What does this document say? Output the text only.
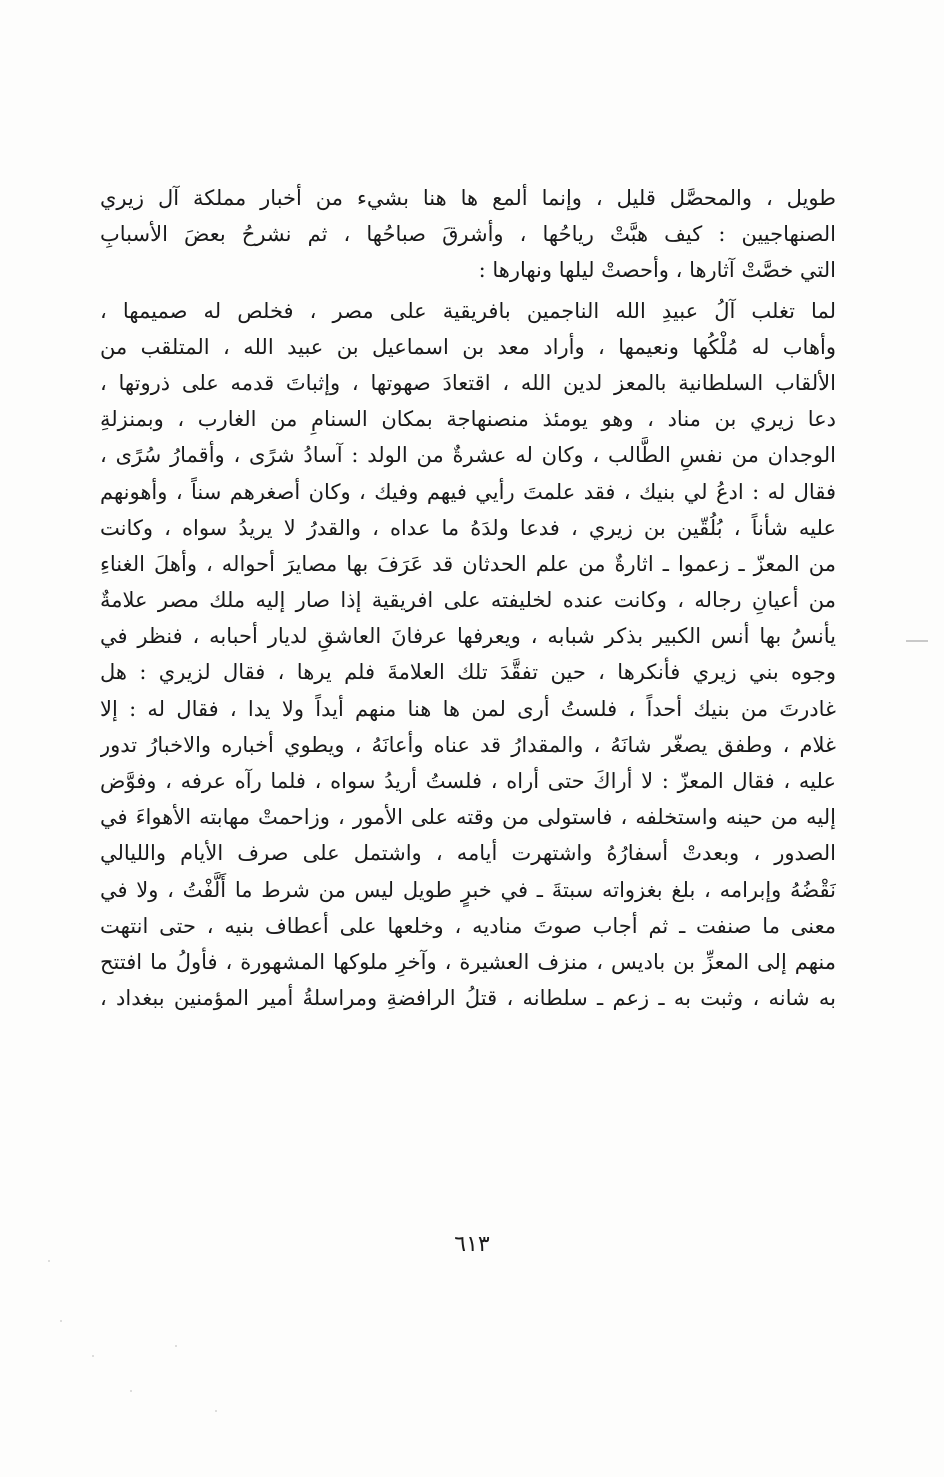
طويل ، والمحصَّل قليل ، وإنما ألمع ها هنا بشيء من أخبار مملكة آل زيري
الصنهاجيين : كيف هبَّتْ رياحُها ، وأشرقَ صباحُها ، ثم نشرحُ بعضَ الأسبابِ
التي خصَّتْ آثارها ، وأحصتْ ليلها ونهارها :
لما تغلب آلُ عبيدِ الله الناجمين بافريقية على مصر ، فخلص له صميمها ،
وأهاب له مُلْكُها ونعيمها ، وأراد معد بن اسماعيل بن عبيد الله ، المتلقب من
الألقاب السلطانية بالمعز لدين الله ، اقتعادَ صهوتها ، وإثباتَ قدمه على ذروتها ،
دعا زيري بن مناد ، وهو يومئذ منصنهاجة بمكان السنامِ من الغارب ، وبمنزلةِ
الوجدان من نفسِ الطَّالب ، وكان له عشرةٌ من الولد : آسادُ شرًى ، وأقمارُ سُرًى ،
فقال له : ادعُ لي بنيك ، فقد علمتَ رأيي فيهم وفيك ، وكان أصغرهم سناً ، وأهونهم
عليه شأناً ، بُلُقّين بن زيري ، فدعا ولدَهُ ما عداه ، والقدرُ لا يريدُ سواه ، وكانت
من المعزّ ـ زعموا ـ اثارةٌ من علم الحدثان قد عَرَفَ بها مصايرَ أحواله ، وأهلَ الغناءِ
من أعيانِ رجاله ، وكانت عنده لخليفته على افريقية إذا صار إليه ملك مصر علامةٌ
يأنسُ بها أنس الكبير بذكر شبابه ، ويعرفها عرفانَ العاشقِ لديار أحبابه ، فنظر في
وجوه بني زيري فأنكرها ، حين تفقَّدَ تلك العلامةَ فلم يرها ، فقال لزيري : هل
غادرتَ من بنيك أحداً ، فلستُ أرى لمن ها هنا منهم أيداً ولا يدا ، فقال له : إلا
غلام ، وطفق يصغّر شانَهُ ، والمقدارُ قد عناه وأعانَهُ ، ويطوي أخباره والاخبارُ تدور
عليه ، فقال المعزّ : لا أراكَ حتى أراه ، فلستُ أريدُ سواه ، فلما رآه عرفه ، وفوَّض
إليه من حينه واستخلفه ، فاستولى من وقته على الأمور ، وزاحمتْ مهابته الأهواءَ في
الصدور ، وبعدتْ أسفارُهُ واشتهرت أيامه ، واشتمل على صرف الأيام والليالي
نَقْضُهُ وإبرامه ، بلغ بغزواته سبتةَ ـ في خبرٍ طويل ليس من شرط ما أَلَّفْتُ ، ولا في
معنى ما صنفت ـ ثم أجاب صوتَ مناديه ، وخلعها على أعطاف بنيه ، حتى انتهت
منهم إلى المعزِّ بن باديس ، منزف العشيرة ، وآخرِ ملوكها المشهورة ، فأولُ ما افتتح
به شانه ، وثبت به ـ زعم ـ سلطانه ، قتلُ الرافضةِ ومراسلةُ أمير المؤمنين ببغداد ،
٦١٣
